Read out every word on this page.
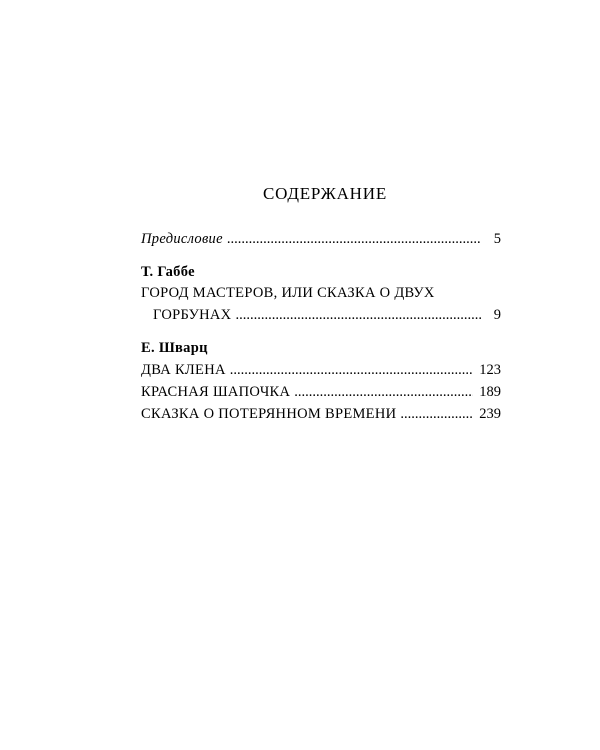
СОДЕРЖАНИЕ
Предисловие .....	5
Т. Габбе
ГОРОД МАСТЕРОВ, ИЛИ СКАЗКА О ДВУХ
ГОРБУНАХ .....	9
Е. Шварц
ДВА КЛЕНА .....	123
КРАСНАЯ ШАПОЧКА .....	189
СКАЗКА О ПОТЕРЯННОМ ВРЕМЕНИ .....	239
